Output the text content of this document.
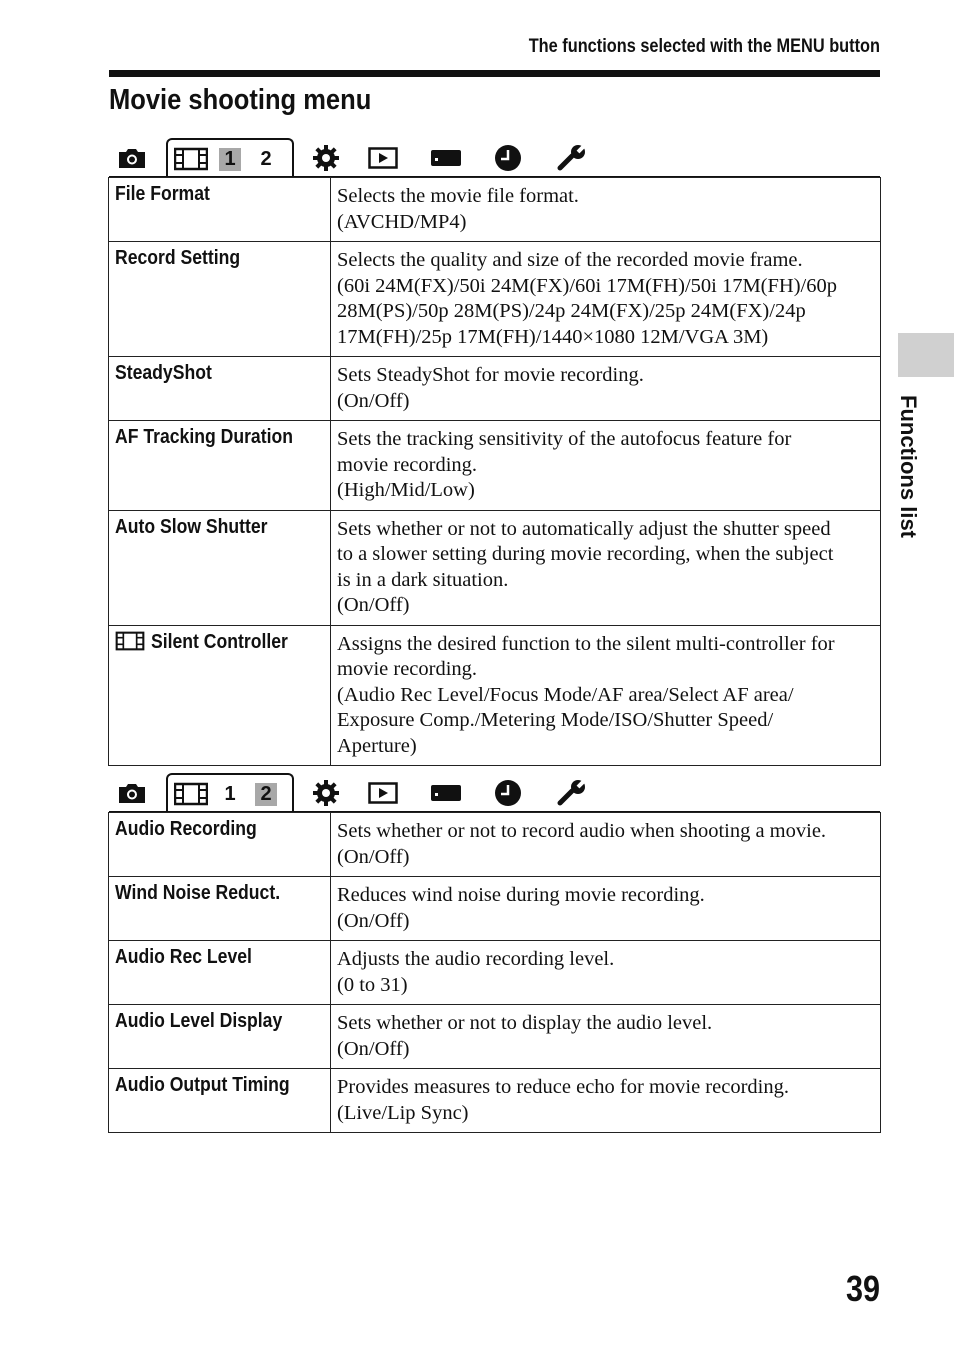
The functions selected with the MENU button
Movie shooting menu
1 2
File Format	Selects the movie file format.
(AVCHD/MP4)
Record Setting	Selects the quality and size of the recorded movie frame.
(60i 24M(FX)/50i 24M(FX)/60i 17M(FH)/50i 17M(FH)/60p
28M(PS)/50p 28M(PS)/24p 24M(FX)/25p 24M(FX)/24p
17M(FH)/25p 17M(FH)/1440×1080 12M/VGA 3M)
SteadyShot	Sets SteadyShot for movie recording.
(On/Off)
AF Tracking Duration	Sets the tracking sensitivity of the autofocus feature for
movie recording.
(High/Mid/Low)
Auto Slow Shutter	Sets whether or not to automatically adjust the shutter speed
to a slower setting during movie recording, when the subject
is in a dark situation.
(On/Off)
Silent Controller	Assigns the desired function to the silent multi-controller for
movie recording.
(Audio Rec Level/Focus Mode/AF area/Select AF area/
Exposure Comp./Metering Mode/ISO/Shutter Speed/
Aperture)
1 2
Audio Recording	Sets whether or not to record audio when shooting a movie.
(On/Off)
Wind Noise Reduct.	Reduces wind noise during movie recording.
(On/Off)
Audio Rec Level	Adjusts the audio recording level.
(0 to 31)
Audio Level Display	Sets whether or not to display the audio level.
(On/Off)
Audio Output Timing	Provides measures to reduce echo for movie recording.
(Live/Lip Sync)
Functions list
39
